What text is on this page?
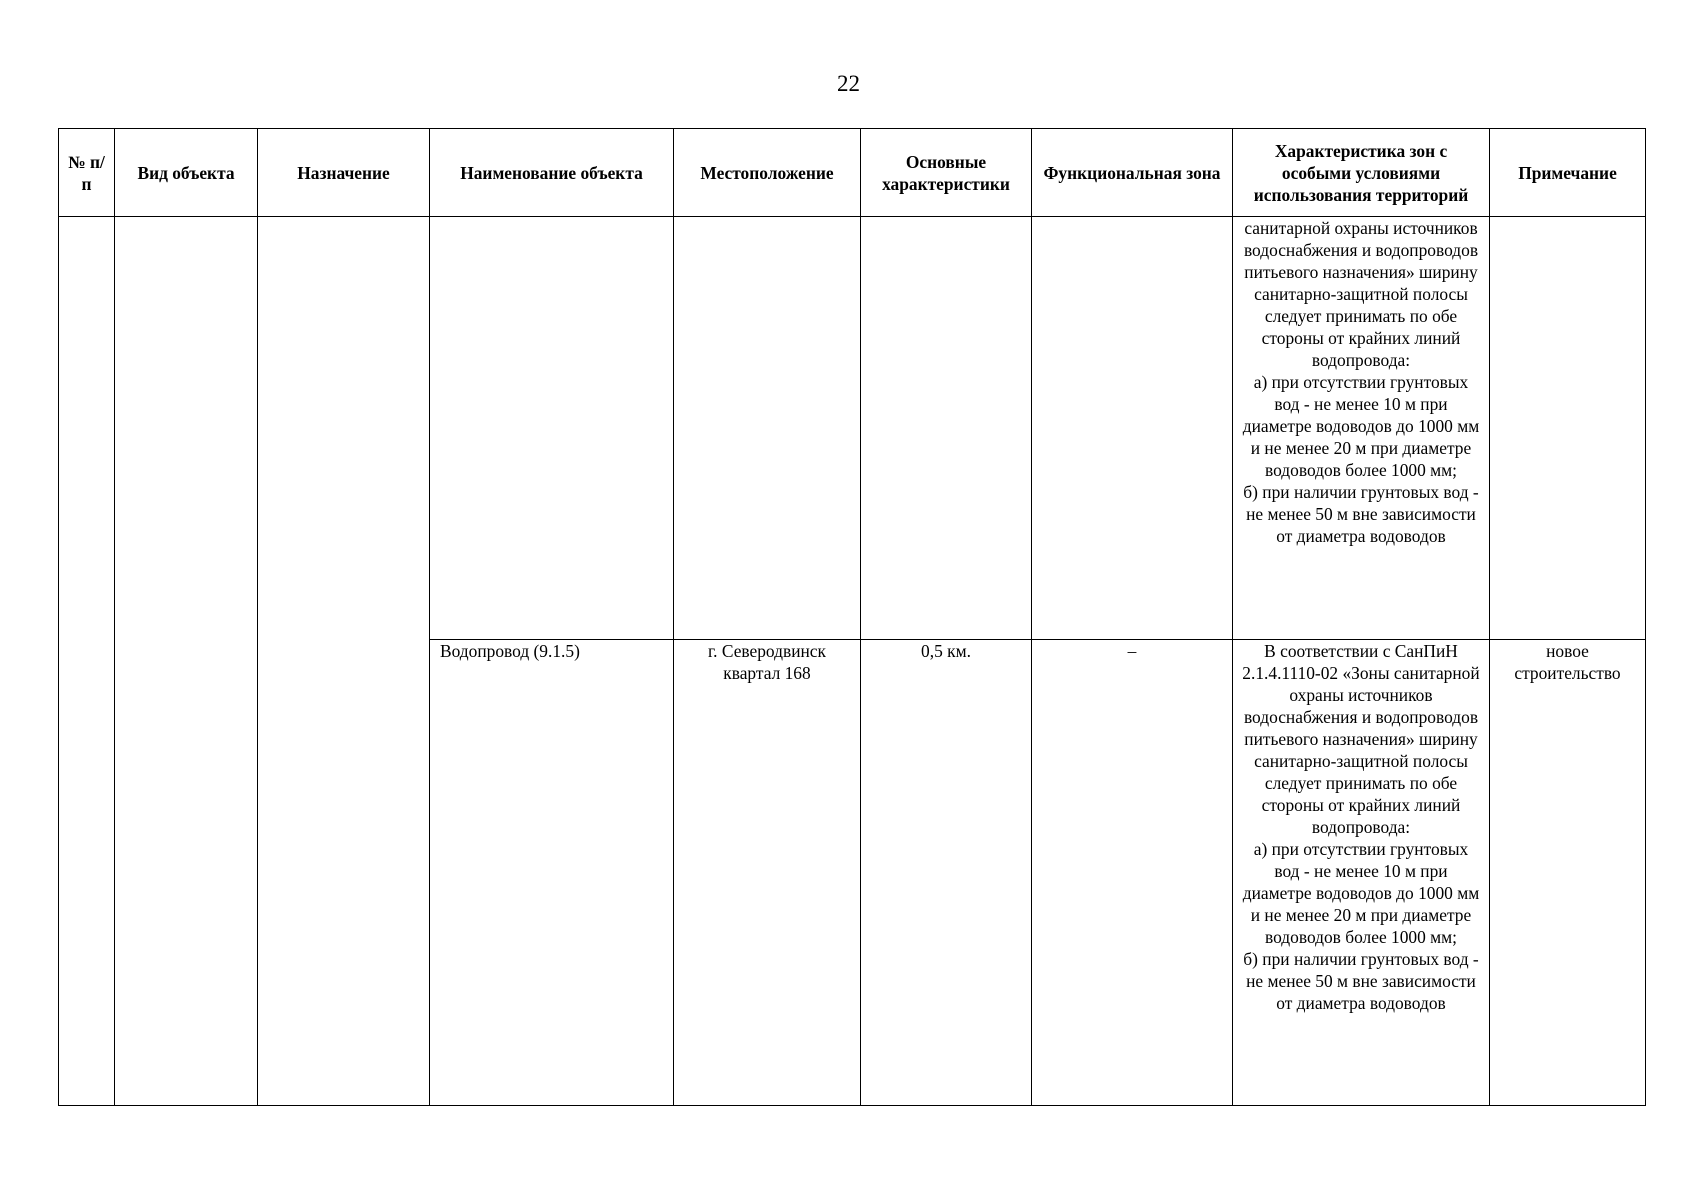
22
№ п/п	Вид объекта	Назначение	Наименование объекта	Местоположение	Основные характеристики	Функциональная зона	Характеристика зон с особыми условиями использования территорий	Примечание
							санитарной охраны источников водоснабжения и водопроводов питьевого назначения» ширину санитарно-защитной полосы следует принимать по обе стороны от крайних линий водопровода:
а) при отсутствии грунтовых вод - не менее 10 м при диаметре водоводов до 1000 мм и не менее 20 м при диаметре водоводов более 1000 мм;
б) при наличии грунтовых вод - не менее 50 м вне зависимости от диаметра водоводов	
			Водопровод (9.1.5)	г. Северодвинск квартал 168	0,5 км.	–	В соответствии с СанПиН 2.1.4.1110-02 «Зоны санитарной охраны источников водоснабжения и водопроводов питьевого назначения» ширину санитарно-защитной полосы следует принимать по обе стороны от крайних линий водопровода:
а) при отсутствии грунтовых вод - не менее 10 м при диаметре водоводов до 1000 мм и не менее 20 м при диаметре водоводов более 1000 мм;
б) при наличии грунтовых вод - не менее 50 м вне зависимости от диаметра водоводов	новое строительство
